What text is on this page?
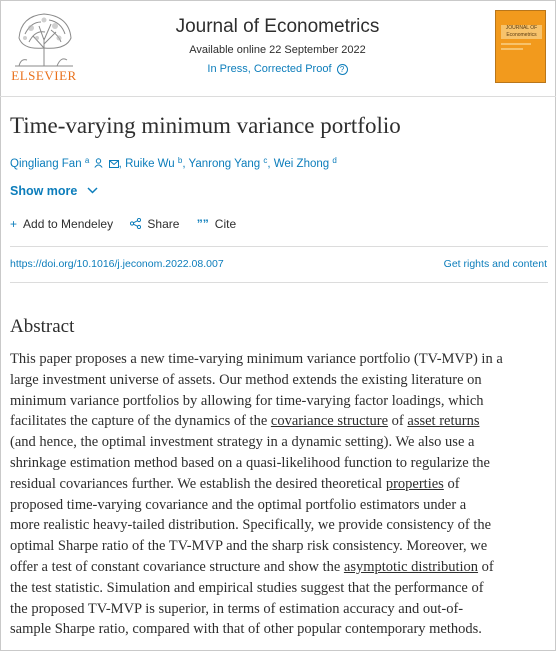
ELSEVIER
Journal of Econometrics
Available online 22 September 2022
In Press, Corrected Proof ?
JOURNAL OF Econometrics
Time-varying minimum variance portfolio
Qingliang Fan $^a$	, Ruike Wu $^b$, Yanrong Yang $^c$, Wei Zhong $^d$
Show more
+ Add to Mendeley	Share ”” Cite
https://doi.org/10.1016/j.jeconom.2022.08.007	Get rights and content
Abstract
This paper proposes a new time-varying minimum variance portfolio (TV-MVP) in a
large investment universe of assets. Our method extends the existing literature on
minimum variance portfolios by allowing for time-varying factor loadings, which
facilitates the capture of the dynamics of the covariance structure of asset returns
(and hence, the optimal investment strategy in a dynamic setting). We also use a
shrinkage estimation method based on a quasi-likelihood function to regularize the
residual covariances further. We establish the desired theoretical properties of
proposed time-varying covariance and the optimal portfolio estimators under a
more realistic heavy-tailed distribution. Specifically, we provide consistency of the
optimal Sharpe ratio of the TV-MVP and the sharp risk consistency. Moreover, we
offer a test of constant covariance structure and show the asymptotic distribution of
the test statistic. Simulation and empirical studies suggest that the performance of
the proposed TV-MVP is superior, in terms of estimation accuracy and out-of-
sample Sharpe ratio, compared with that of other popular contemporary methods.
